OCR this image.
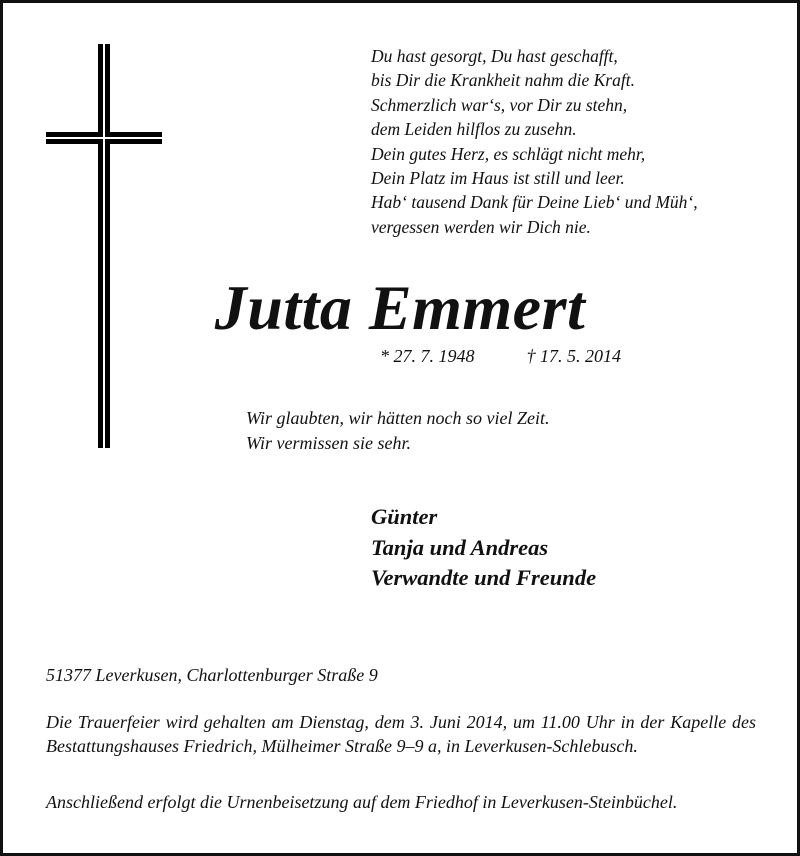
Du hast gesorgt, Du hast geschafft,
bis Dir die Krankheit nahm die Kraft.
Schmerzlich war‘s, vor Dir zu stehn,
dem Leiden hilflos zu zusehn.
Dein gutes Herz, es schlägt nicht mehr,
Dein Platz im Haus ist still und leer.
Hab‘ tausend Dank für Deine Lieb‘ und Müh‘,
vergessen werden wir Dich nie.
Jutta Emmert
* 27. 7. 1948	† 17. 5. 2014
Wir glaubten, wir hätten noch so viel Zeit.
Wir vermissen sie sehr.
Günter
Tanja und Andreas
Verwandte und Freunde
51377 Leverkusen, Charlottenburger Straße 9

Die Trauerfeier wird gehalten am Dienstag, dem 3. Juni 2014, um 11.00 Uhr in der Kapelle des Bestattungshauses Friedrich, Mülheimer Straße 9–9 a, in Leverkusen-Schlebusch.

Anschließend erfolgt die Urnenbeisetzung auf dem Friedhof in Leverkusen-Steinbüchel.
